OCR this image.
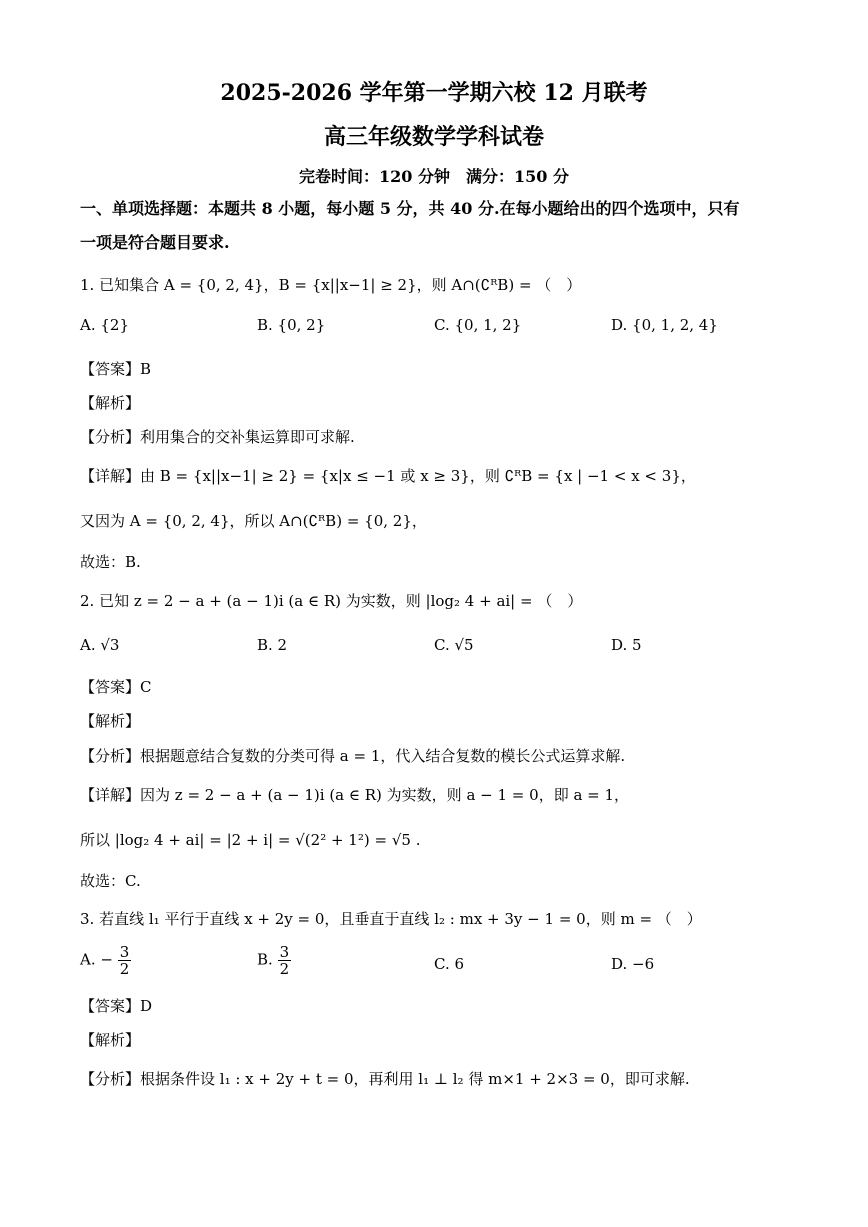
2025-2026 学年第一学期六校 12 月联考
高三年级数学学科试卷
完卷时间：120 分钟　满分：150 分
一、单项选择题：本题共 8 小题，每小题 5 分，共 40 分.在每小题给出的四个选项中，只有
一项是符合题目要求.
1. 已知集合 A = {0, 2, 4}，B = {x||x−1| ≥ 2}，则 A∩(∁ᴿB) = （　）
A. {2}	B. {0, 2}	C. {0, 1, 2}	D. {0, 1, 2, 4}
【答案】B
【解析】
【分析】利用集合的交补集运算即可求解.
【详解】由 B = {x||x−1| ≥ 2} = {x|x ≤ −1 或 x ≥ 3}，则 ∁ᴿB = {x | −1 < x < 3}，
又因为 A = {0, 2, 4}，所以 A∩(∁ᴿB) = {0, 2}，
故选：B.
2. 已知 z = 2 − a + (a − 1)i (a ∈ R) 为实数，则 |log₂ 4 + ai| = （　）
A. √3	B. 2	C. √5	D. 5
【答案】C
【解析】
【分析】根据题意结合复数的分类可得 a = 1，代入结合复数的模长公式运算求解.
【详解】因为 z = 2 − a + (a − 1)i (a ∈ R) 为实数，则 a − 1 = 0，即 a = 1，
所以 |log₂ 4 + ai| = |2 + i| = √(2² + 1²) = √5 .
故选：C.
3. 若直线 l₁ 平行于直线 x + 2y = 0，且垂直于直线 l₂ : mx + 3y − 1 = 0，则 m = （　）
A. − $\frac{3}{2}$	B. $\frac{3}{2}$	C. 6	D. −6
【答案】D
【解析】
【分析】根据条件设 l₁ : x + 2y + t = 0，再利用 l₁ ⊥ l₂ 得 m×1 + 2×3 = 0，即可求解.
